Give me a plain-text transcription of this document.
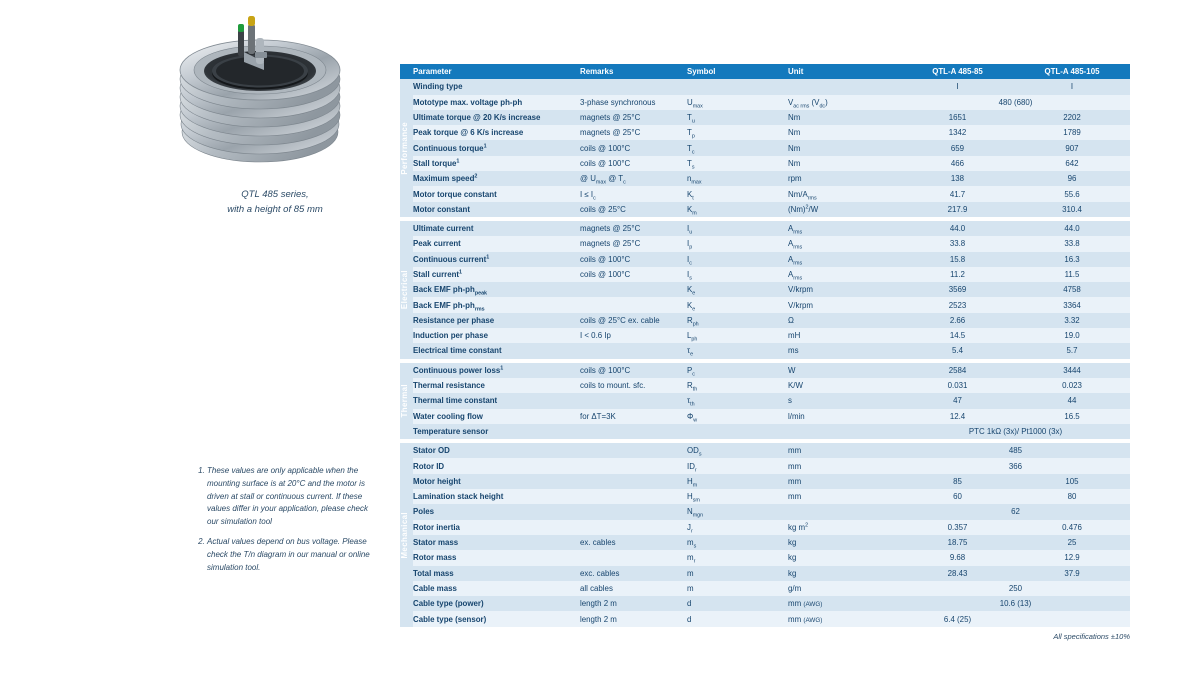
QTL 485 series,
with a height of 85 mm
1. These values are only applicable when the mounting surface is at 20°C and the motor is driven at stall or continuous current. If these values differ in your application, please check our simulation tool
2. Actual values depend on bus voltage. Please check the T/n diagram in our manual or online simulation tool.
	Parameter	Remarks	Symbol	Unit	QTL-A 485-85	QTL-A 485-105

Performance	Winding type				I	I
	Mototype max. voltage ph-ph	3-phase synchronous	$U_{max}$	$V_{ac rms}$ $(V_{dc})$	480 (680)	
	Ultimate torque @ 20 K/s increase	magnets @ 25°C	$T_u$	Nm	1651	2202
	Peak torque @ 6 K/s increase	magnets @ 25°C	$T_p$	Nm	1342	1789
	Continuous torque$^1$	coils @ 100°C	$T_c$	Nm	659	907
	Stall torque$^1$	coils @ 100°C	$T_s$	Nm	466	642
	Maximum speed$^2$	@ $U_{max}$ @ $T_c$	$n_{max}$	rpm	138	96
	Motor torque constant	$I \le I_c$	$K_t$	$Nm/A_{rms}$	41.7	55.6
	Motor constant	coils @ 25°C	$K_m$	$(Nm)^2/W$	217.9	310.4

Electrical	Ultimate current	magnets @ 25°C	$I_u$	$A_{rms}$	44.0	44.0
	Peak current	magnets @ 25°C	$I_p$	$A_{rms}$	33.8	33.8
	Continuous current$^1$	coils @ 100°C	$I_c$	$A_{rms}$	15.8	16.3
	Stall current$^1$	coils @ 100°C	$I_s$	$A_{rms}$	11.2	11.5
	Back EMF $ph-ph_{peak}$		$K_e$	V/krpm	3569	4758
	Back EMF $ph-ph_{rms}$		$K_e$	V/krpm	2523	3364
	Resistance per phase	coils @ 25°C ex. cable	$R_{ph}$	Ω	2.66	3.32
	Induction per phase	I < 0.6 Ip	$L_{ph}$	mH	14.5	19.0
	Electrical time constant		$\tau_e$	ms	5.4	5.7

Thermal	Continuous power loss$^1$	coils @ 100°C	$P_c$	W	2584	3444
	Thermal resistance	coils to mount. sfc.	$R_{th}$	K/W	0.031	0.023
	Thermal time constant		$\tau_{th}$	s	47	44
	Water cooling flow	for ΔT=3K	$\Phi_w$	l/min	12.4	16.5
	Temperature sensor				PTC 1kΩ (3x)/ Pt1000 (3x)	

Mechanical	Stator OD		$OD_s$	mm	485	
	Rotor ID		$ID_r$	mm	366	
	Motor height		$H_m$	mm	85	105
	Lamination stack height		$H_{sm}$	mm	60	80
	Poles		$N_{mgn}$		62	
	Rotor inertia		$J_r$	kg $m^2$	0.357	0.476
	Stator mass	ex. cables	$m_s$	kg	18.75	25
	Rotor mass		$m_r$	kg	9.68	12.9
	Total mass	exc. cables	m	kg	28.43	37.9
	Cable mass	all cables	m	g/m	250	
	Cable type (power)	length 2 m	d	mm (AWG)	10.6 (13)	
	Cable type (sensor)	length 2 m	d	mm (AWG)	6.4 (25)	
All specifications ±10%
